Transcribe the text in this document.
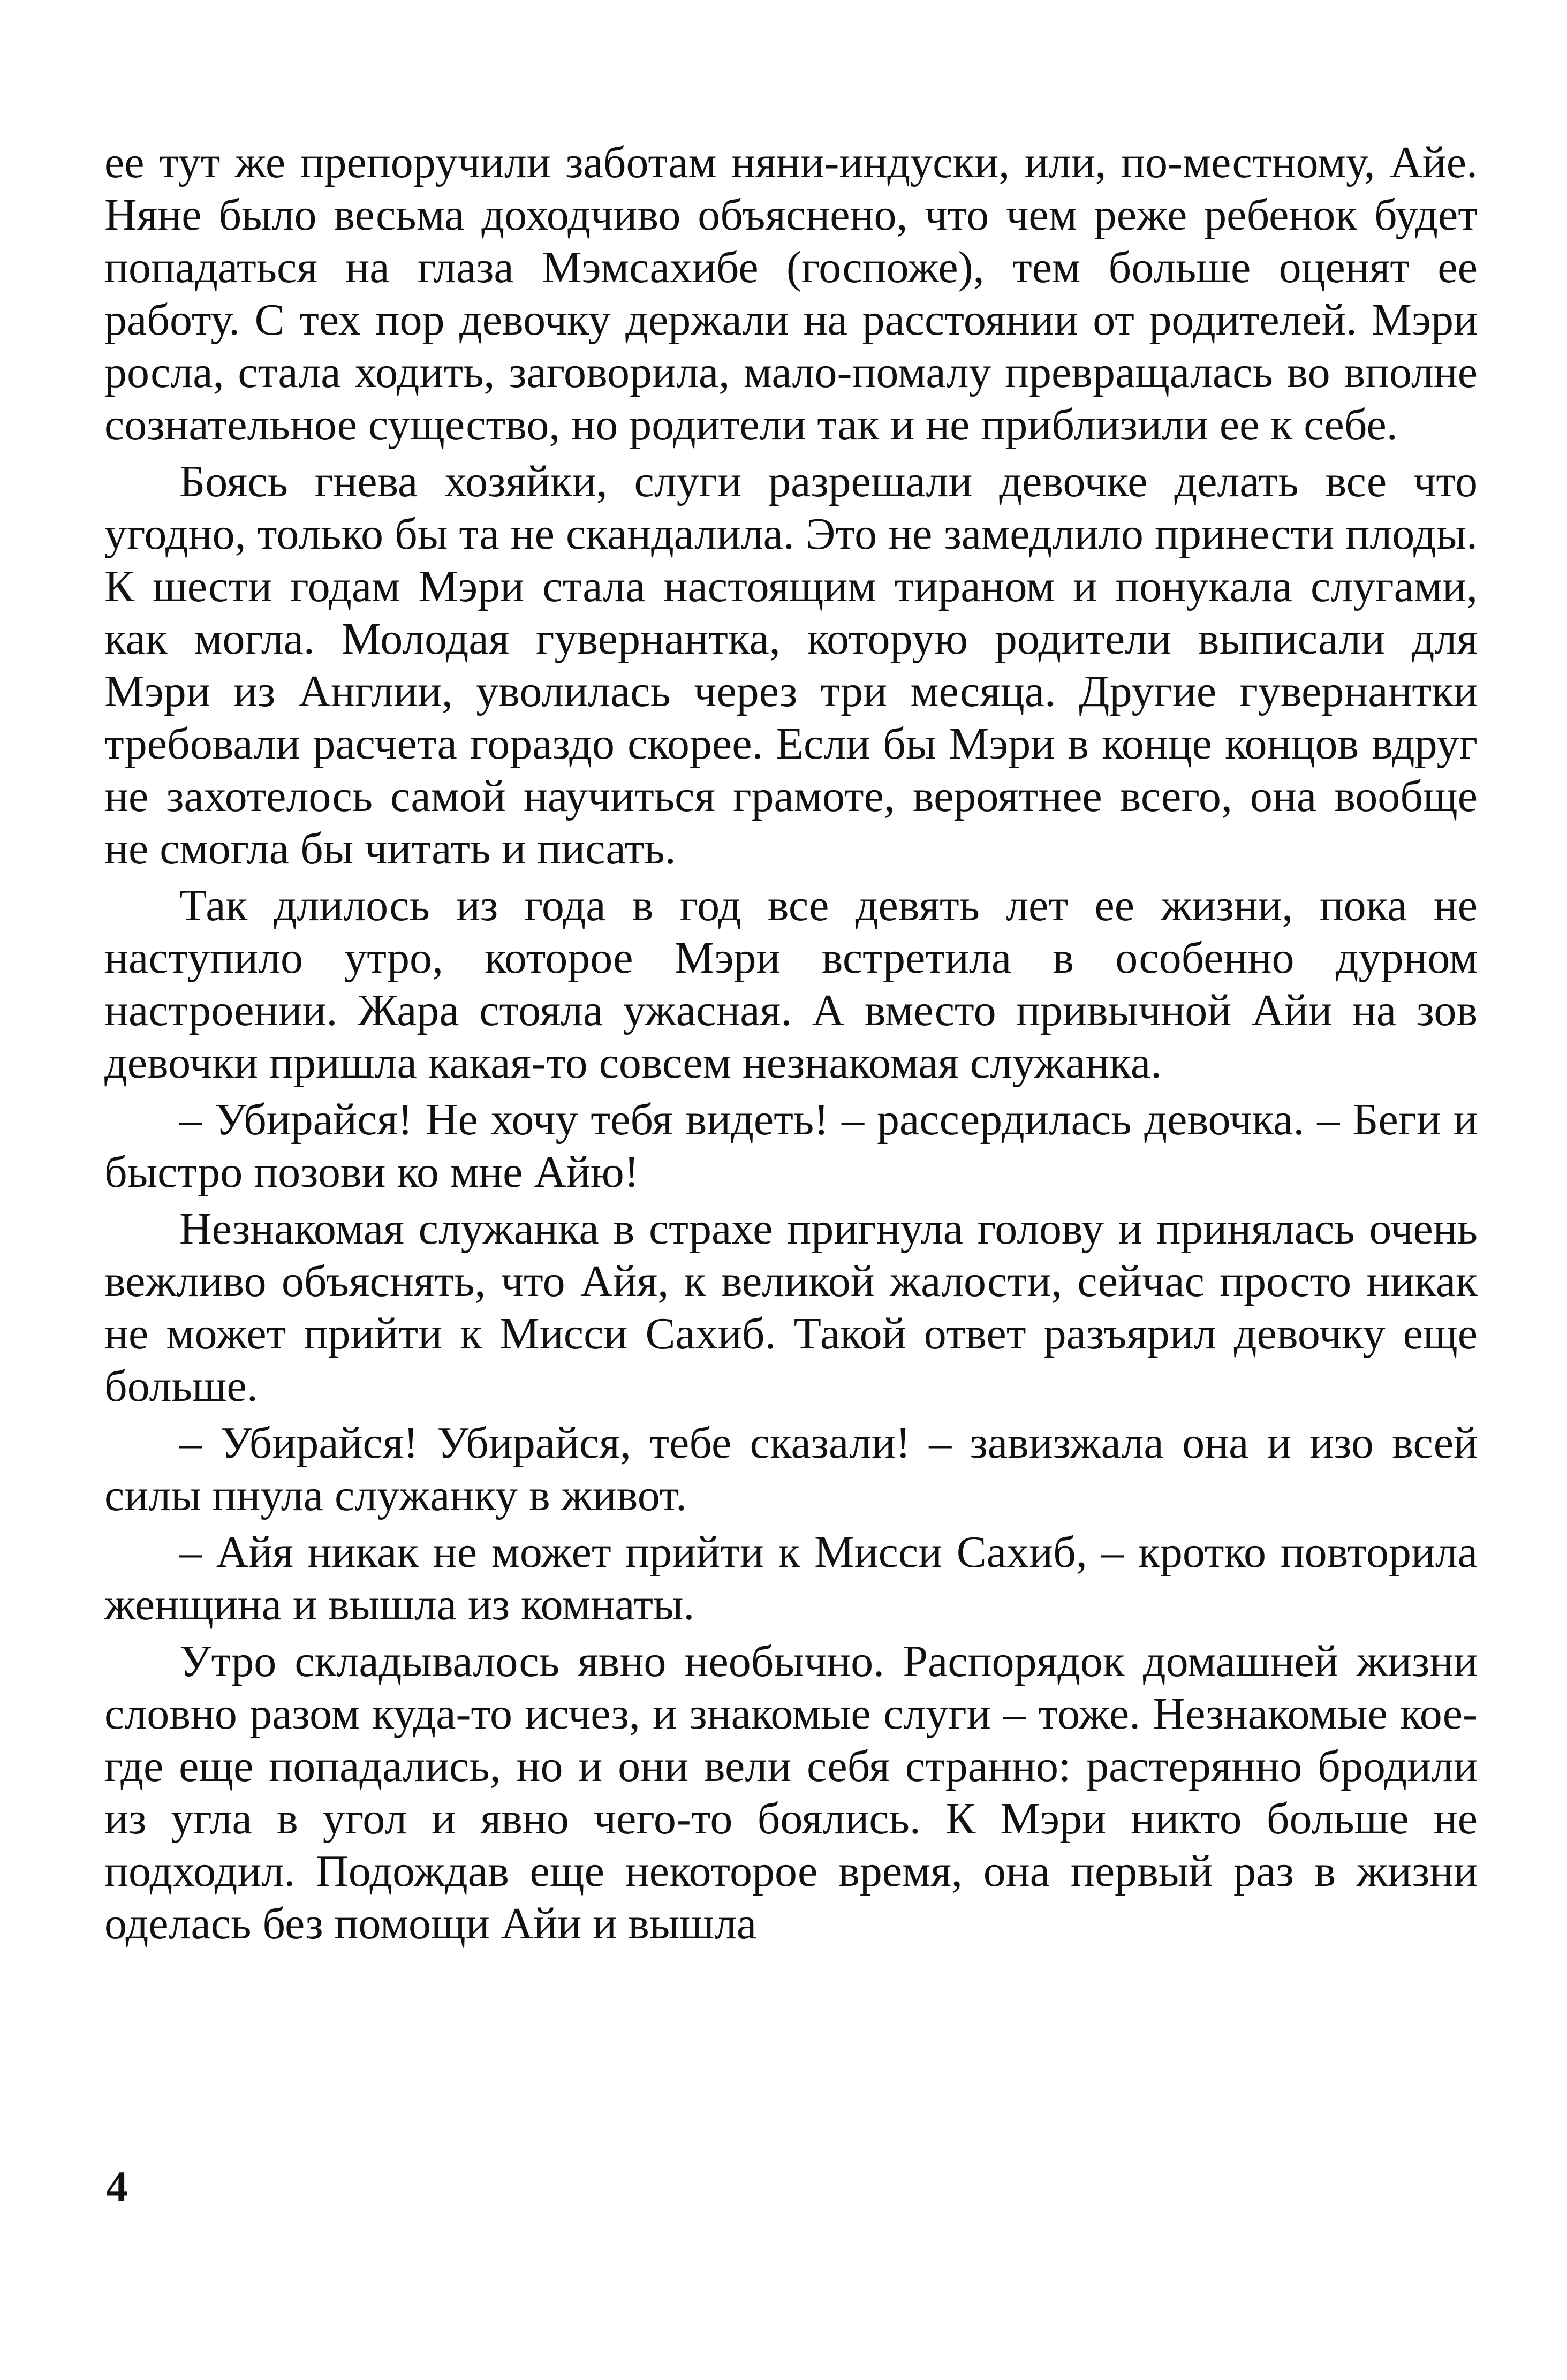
ее тут же препоручили заботам няни-индуски, или, по-местному, Айе. Няне было весьма доходчиво объяснено, что чем реже ребенок будет попадаться на глаза Мэмсахибе (госпоже), тем больше оценят ее работу. С тех пор девочку держали на расстоянии от родителей. Мэри росла, стала ходить, заговорила, мало-помалу превращалась во вполне сознательное существо, но родители так и не приблизили ее к себе.

Боясь гнева хозяйки, слуги разрешали девочке делать все что угодно, только бы та не скандалила. Это не замедлило принести плоды. К шести годам Мэри стала настоящим тираном и понукала слугами, как могла. Молодая гувернантка, которую родители выписали для Мэри из Англии, уволилась через три месяца. Другие гувернантки требовали расчета гораздо скорее. Если бы Мэри в конце концов вдруг не захотелось самой научиться грамоте, вероятнее всего, она вообще не смогла бы читать и писать.

Так длилось из года в год все девять лет ее жизни, пока не наступило утро, которое Мэри встретила в особенно дурном настроении. Жара стояла ужасная. А вместо привычной Айи на зов девочки пришла какая-то совсем незнакомая служанка.

– Убирайся! Не хочу тебя видеть! – рассердилась девочка. – Беги и быстро позови ко мне Айю!

Незнакомая служанка в страхе пригнула голову и принялась очень вежливо объяснять, что Айя, к великой жалости, сейчас просто никак не может прийти к Мисси Сахиб. Такой ответ разъярил девочку еще больше.

– Убирайся! Убирайся, тебе сказали! – завизжала она и изо всей силы пнула служанку в живот.

– Айя никак не может прийти к Мисси Сахиб, – кротко повторила женщина и вышла из комнаты.

Утро складывалось явно необычно. Распорядок домашней жизни словно разом куда-то исчез, и знакомые слуги – тоже. Незнакомые кое-где еще попадались, но и они вели себя странно: растерянно бродили из угла в угол и явно чего-то боялись. К Мэри никто больше не подходил. Подождав еще некоторое время, она первый раз в жизни оделась без помощи Айи и вышла

4
